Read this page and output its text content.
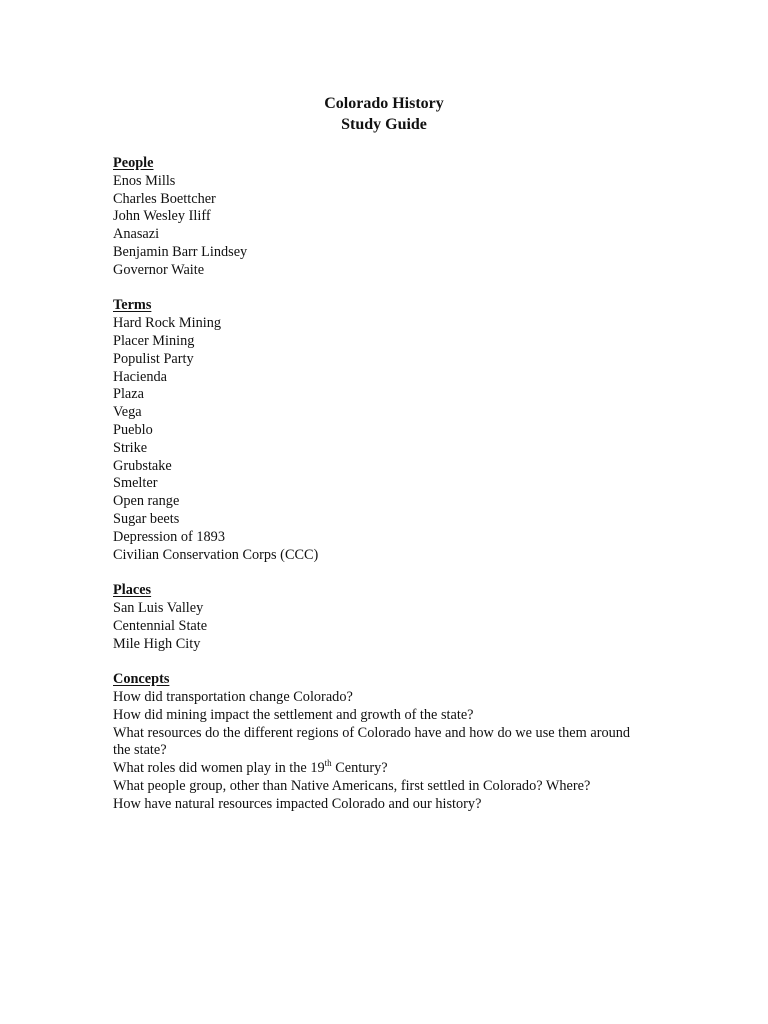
Colorado History
Study Guide
People
Enos Mills
Charles Boettcher
John Wesley Iliff
Anasazi
Benjamin Barr Lindsey
Governor Waite
Terms
Hard Rock Mining
Placer Mining
Populist Party
Hacienda
Plaza
Vega
Pueblo
Strike
Grubstake
Smelter
Open range
Sugar beets
Depression of 1893
Civilian Conservation Corps (CCC)
Places
San Luis Valley
Centennial State
Mile High City
Concepts
How did transportation change Colorado?
How did mining impact the settlement and growth of the state?
What resources do the different regions of Colorado have and how do we use them around the state?
What roles did women play in the 19th Century?
What people group, other than Native Americans, first settled in Colorado? Where?
How have natural resources impacted Colorado and our history?
